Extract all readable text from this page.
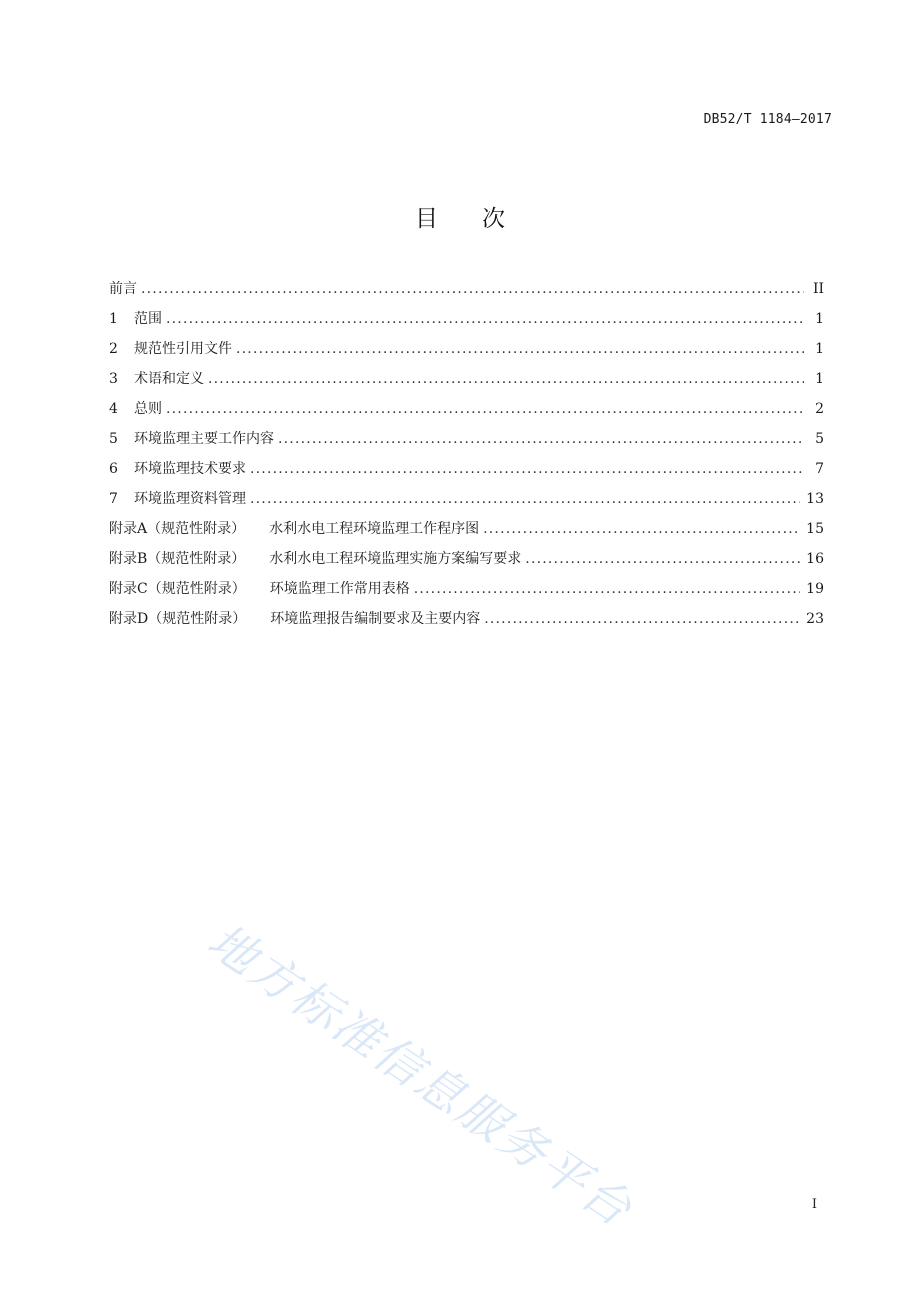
DB52/T 1184—2017
目次
前言 .....	II
1	范围 .....	1
2	规范性引用文件 .....	1
3	术语和定义 .....	1
4	总则 .....	2
5	环境监理主要工作内容 .....	5
6	环境监理技术要求 .....	7
7	环境监理资料管理 .....	13
附录A（规范性附录）	水利水电工程环境监理工作程序图 .....	15
附录B（规范性附录）	水利水电工程环境监理实施方案编写要求 .....	16
附录C（规范性附录）	环境监理工作常用表格 .....	19
附录D（规范性附录）	环境监理报告编制要求及主要内容 .....	23
地方标准信息服务平台	I
